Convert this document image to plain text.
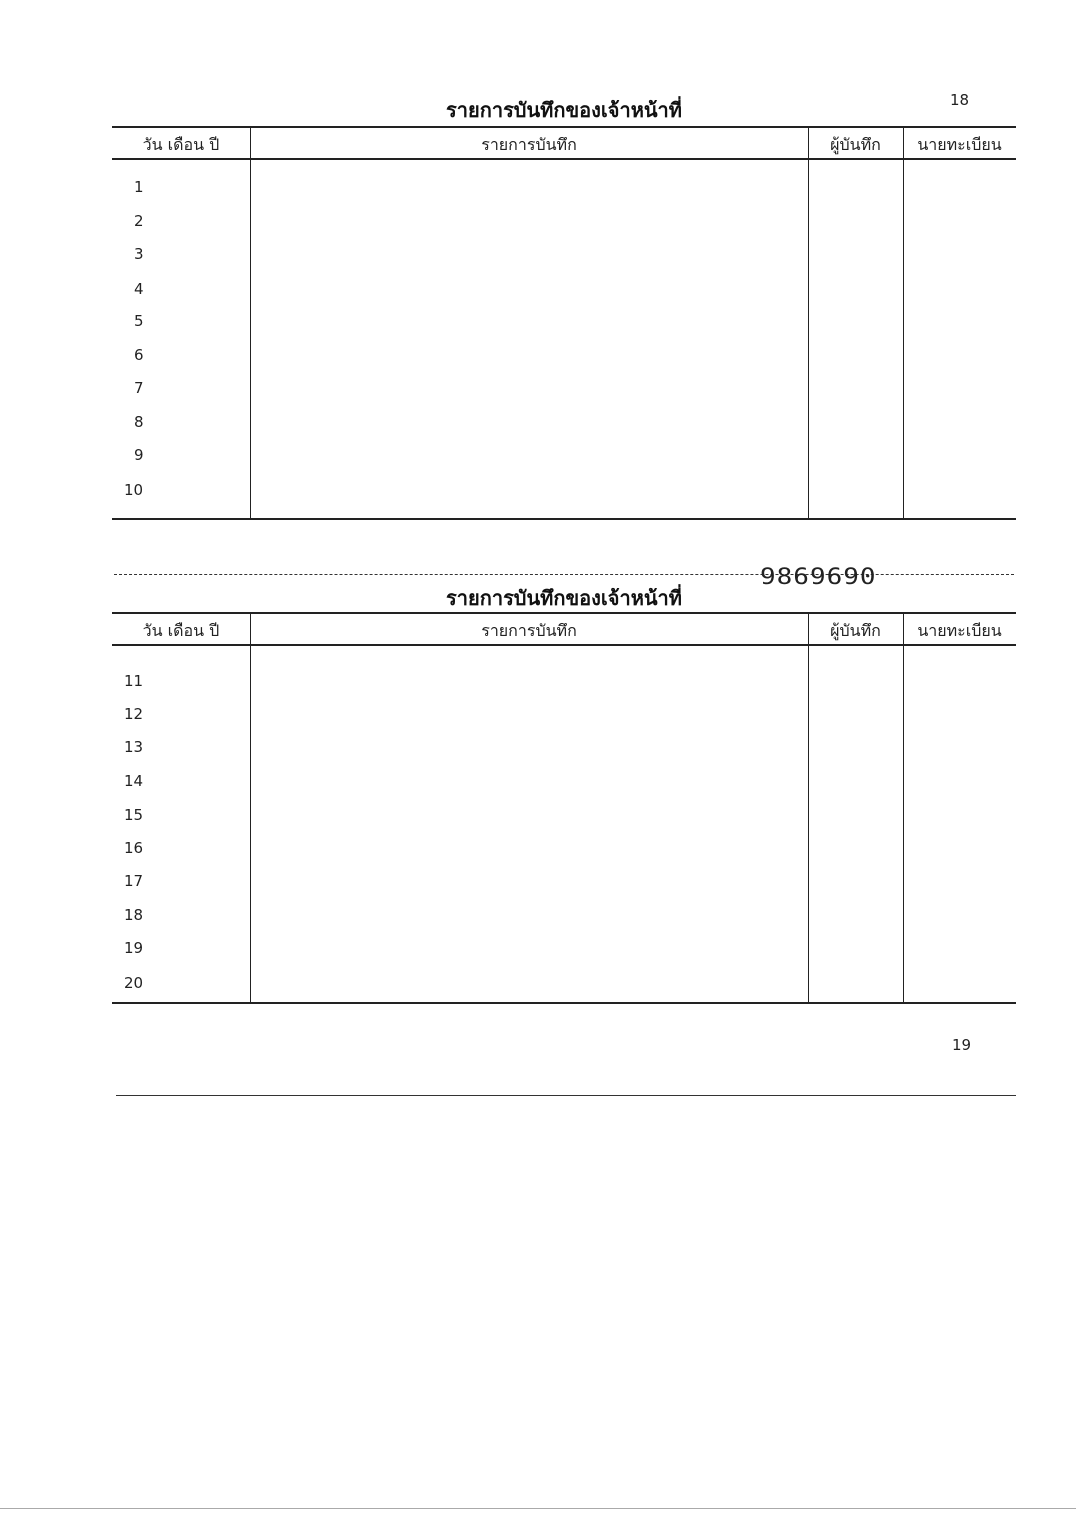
18
รายการบันทึกของเจ้าหน้าที่
วัน เดือน ปี	รายการบันทึก	ผู้บันทึก	นายทะเบียน
1
2
3
4
5
6
7
8
9
10
9869690
รายการบันทึกของเจ้าหน้าที่
วัน เดือน ปี	รายการบันทึก	ผู้บันทึก	นายทะเบียน
11
12
13
14
15
16
17
18
19
20
19
